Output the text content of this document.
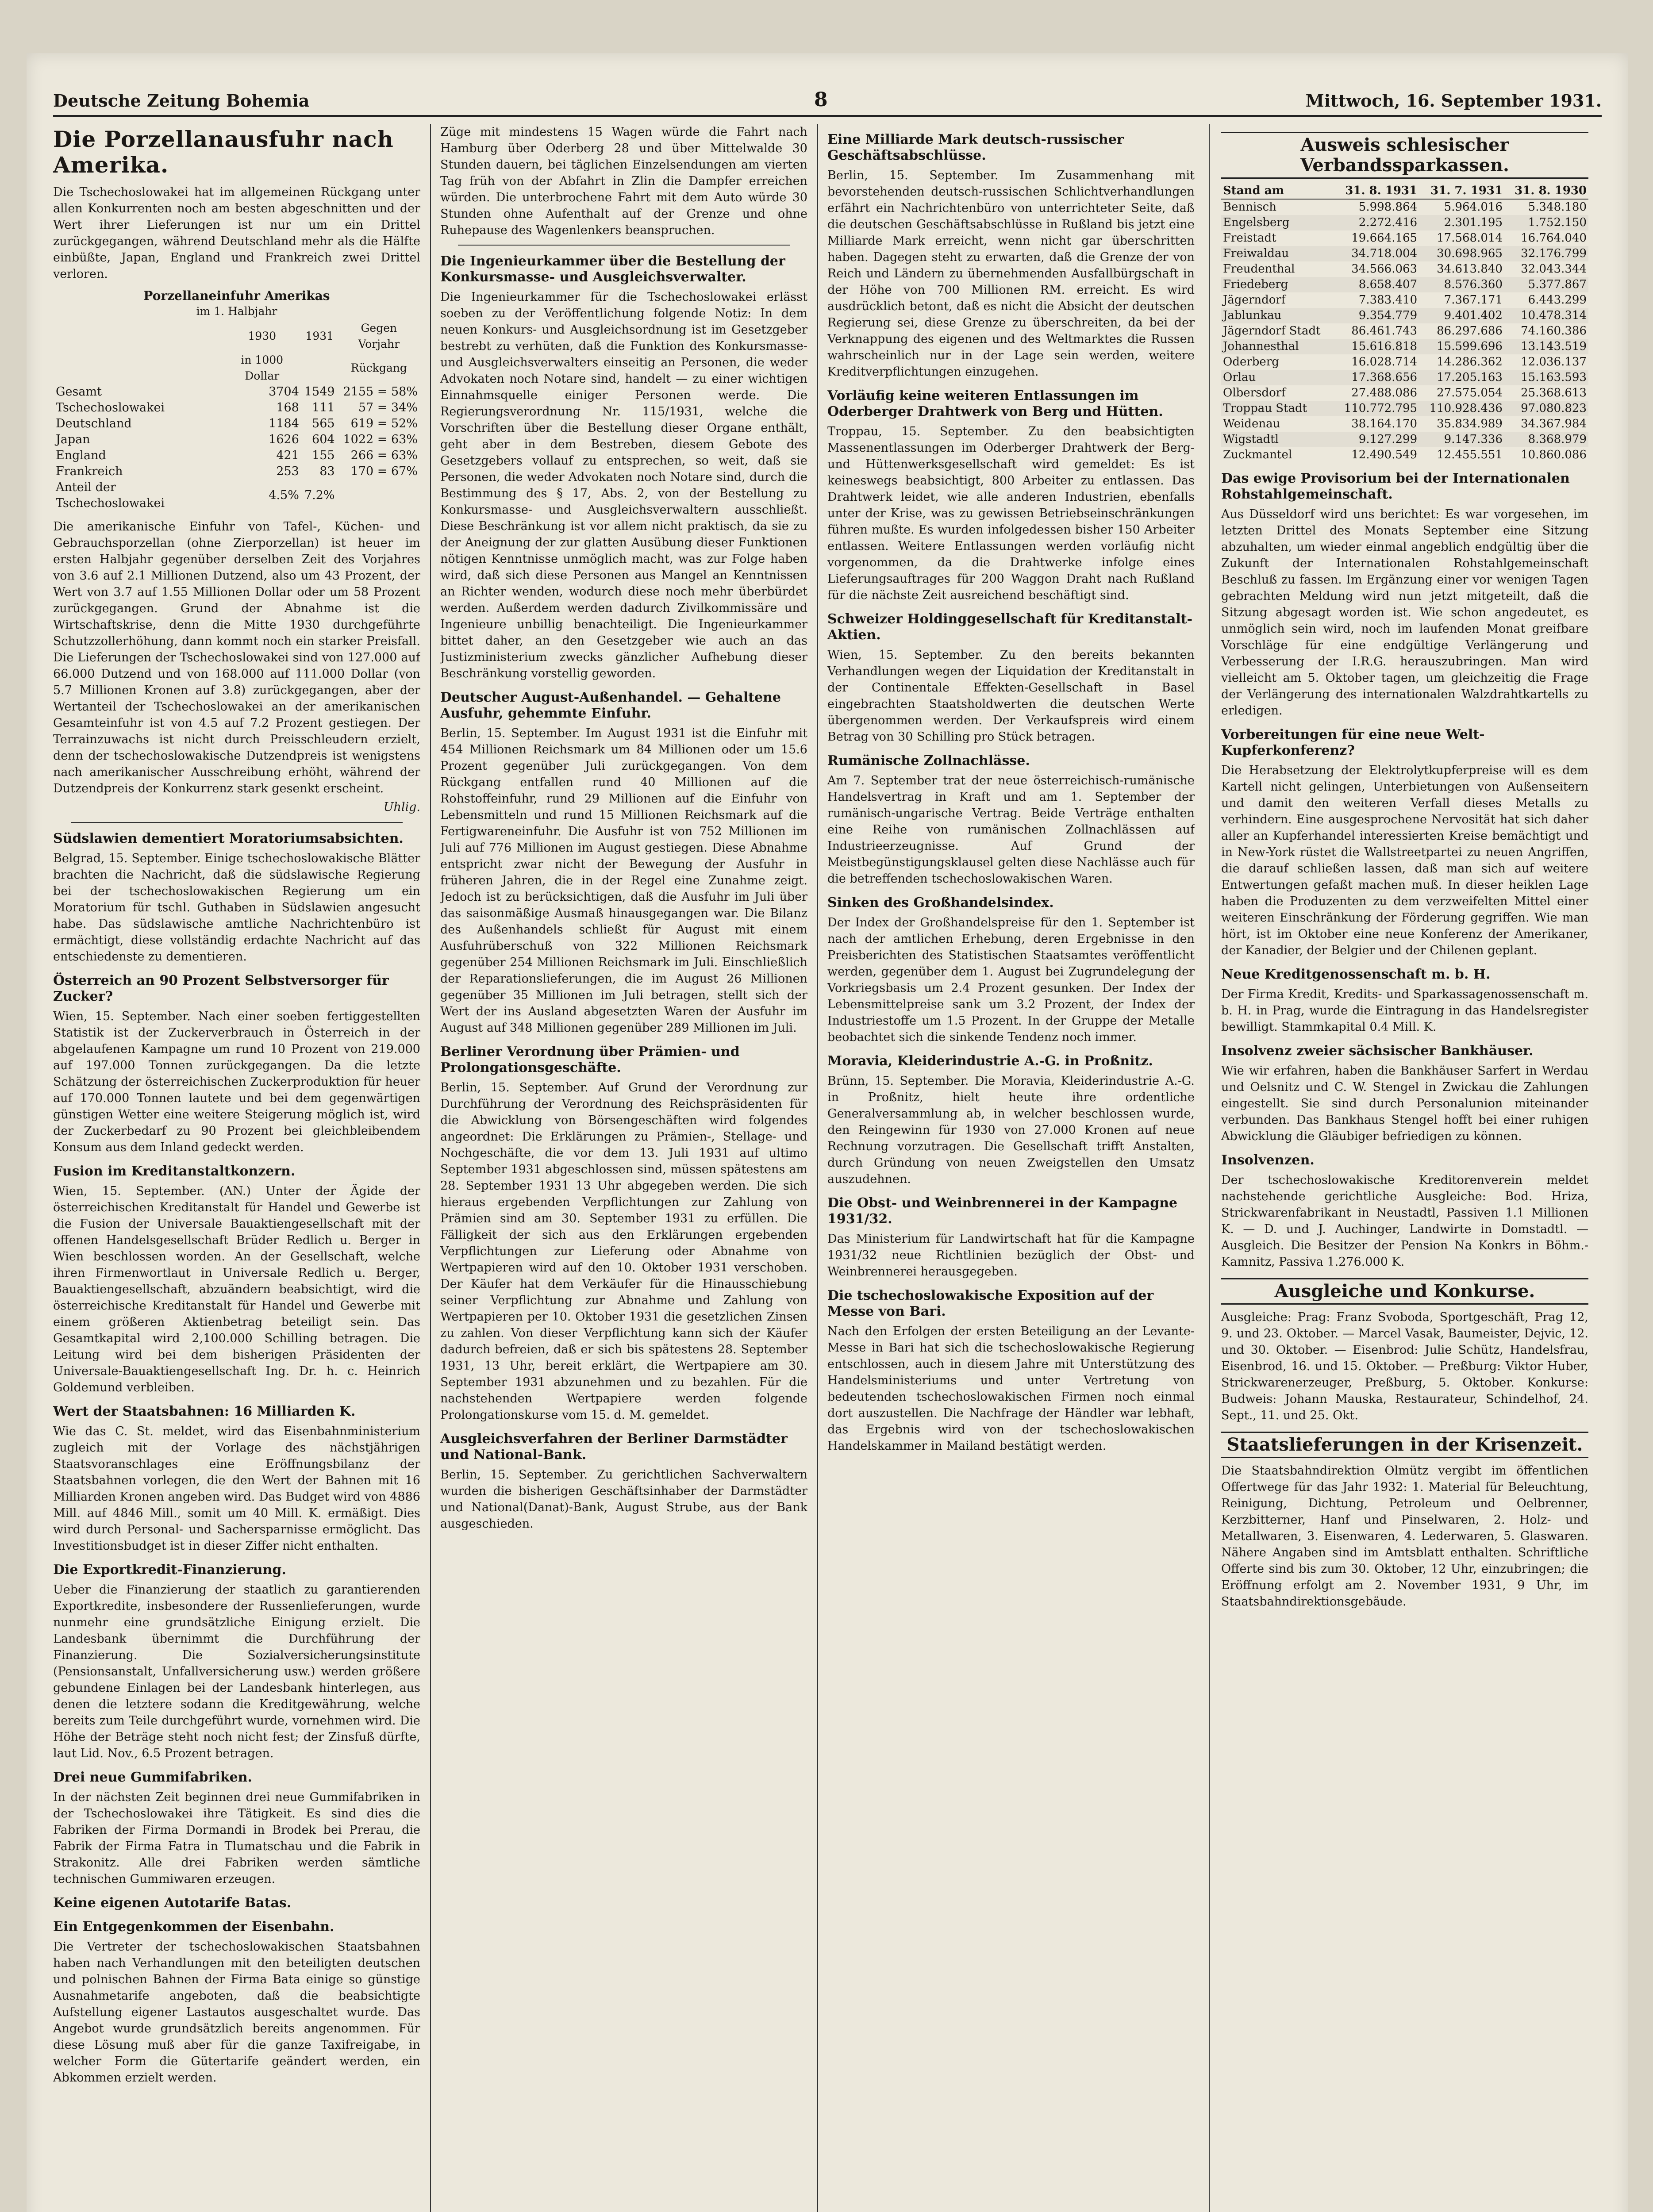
Deutsche Zeitung Bohemia	8	Mittwoch, 16. September 1931.
Die Porzellanausfuhr nach Amerika.

Die Tschechoslowakei hat im allgemeinen Rückgang unter allen Konkurrenten noch am besten abgeschnitten und der Wert ihrer Lieferungen ist nur um ein Drittel zurückgegangen, während Deutschland mehr als die Hälfte einbüßte, Japan, England und Frankreich zwei Drittel verloren.

Porzellaneinfuhr Amerikas
im 1. Halbjahr
	1930	1931	Gegen Vorjahr
	in 1000 Dollar		Rückgang
Gesamt	3704	1549	2155 = 58%
Tschechoslowakei	168	111	57 = 34%
Deutschland	1184	565	619 = 52%
Japan	1626	604	1022 = 63%
England	421	155	266 = 63%
Frankreich	253	83	170 = 67%
Anteil der Tschechoslowakei	4.5%	7.2%	

Die amerikanische Einfuhr von Tafel-, Küchen- und Gebrauchsporzellan (ohne Zierporzellan) ist heuer im ersten Halbjahr gegenüber derselben Zeit des Vorjahres von 3.6 auf 2.1 Millionen Dutzend, also um 43 Prozent, der Wert von 3.7 auf 1.55 Millionen Dollar oder um 58 Prozent zurückgegangen. Grund der Abnahme ist die Wirtschaftskrise, denn die Mitte 1930 durchgeführte Schutzzollerhöhung, dann kommt noch ein starker Preisfall. Die Lieferungen der Tschechoslowakei sind von 127.000 auf 66.000 Dutzend und von 168.000 auf 111.000 Dollar (von 5.7 Millionen Kronen auf 3.8) zurückgegangen, aber der Wertanteil der Tschechoslowakei an der amerikanischen Gesamteinfuhr ist von 4.5 auf 7.2 Prozent gestiegen. Der Terrainzuwachs ist nicht durch Preisschleudern erzielt, denn der tschechoslowakische Dutzendpreis ist wenigstens nach amerikanischer Ausschreibung erhöht, während der Dutzendpreis der Konkurrenz stark gesenkt erscheint.

Uhlig.
Südslawien dementiert Moratoriumsabsichten.

Belgrad, 15. September. Einige tschechoslowakische Blätter brachten die Nachricht, daß die südslawische Regierung bei der tschechoslowakischen Regierung um ein Moratorium für tschl. Guthaben in Südslawien angesucht habe. Das südslawische amtliche Nachrichtenbüro ist ermächtigt, diese vollständig erdachte Nachricht auf das entschiedenste zu dementieren.

Österreich an 90 Prozent Selbstversorger für Zucker?

Wien, 15. September. Nach einer soeben fertiggestellten Statistik ist der Zuckerverbrauch in Österreich in der abgelaufenen Kampagne um rund 10 Prozent von 219.000 auf 197.000 Tonnen zurückgegangen. Da die letzte Schätzung der österreichischen Zuckerproduktion für heuer auf 170.000 Tonnen lautete und bei dem gegenwärtigen günstigen Wetter eine weitere Steigerung möglich ist, wird der Zuckerbedarf zu 90 Prozent bei gleichbleibendem Konsum aus dem Inland gedeckt werden.

Fusion im Kreditanstaltkonzern.

Wien, 15. September. (AN.) Unter der Ägide der österreichischen Kreditanstalt für Handel und Gewerbe ist die Fusion der Universale Bauaktiengesellschaft mit der offenen Handelsgesellschaft Brüder Redlich u. Berger in Wien beschlossen worden. An der Gesellschaft, welche ihren Firmenwortlaut in Universale Redlich u. Berger, Bauaktiengesellschaft, abzuändern beabsichtigt, wird die österreichische Kreditanstalt für Handel und Gewerbe mit einem größeren Aktienbetrag beteiligt sein. Das Gesamtkapital wird 2,100.000 Schilling betragen. Die Leitung wird bei dem bisherigen Präsidenten der Universale-Bauaktiengesellschaft Ing. Dr. h. c. Heinrich Goldemund verbleiben.

Wert der Staatsbahnen: 16 Milliarden K.

Wie das C. St. meldet, wird das Eisenbahnministerium zugleich mit der Vorlage des nächstjährigen Staatsvoranschlages eine Eröffnungsbilanz der Staatsbahnen vorlegen, die den Wert der Bahnen mit 16 Milliarden Kronen angeben wird. Das Budget wird von 4886 Mill. auf 4846 Mill., somit um 40 Mill. K. ermäßigt. Dies wird durch Personal- und Sachersparnisse ermöglicht. Das Investitionsbudget ist in dieser Ziffer nicht enthalten.

Die Exportkredit-Finanzierung.

Ueber die Finanzierung der staatlich zu garantierenden Exportkredite, insbesondere der Russenlieferungen, wurde nunmehr eine grundsätzliche Einigung erzielt. Die Landesbank übernimmt die Durchführung der Finanzierung. Die Sozialversicherungsinstitute (Pensionsanstalt, Unfallversicherung usw.) werden größere gebundene Einlagen bei der Landesbank hinterlegen, aus denen die letztere sodann die Kreditgewährung, welche bereits zum Teile durchgeführt wurde, vornehmen wird. Die Höhe der Beträge steht noch nicht fest; der Zinsfuß dürfte, laut Lid. Nov., 6.5 Prozent betragen.

Drei neue Gummifabriken.

In der nächsten Zeit beginnen drei neue Gummifabriken in der Tschechoslowakei ihre Tätigkeit. Es sind dies die Fabriken der Firma Dormandi in Brodek bei Prerau, die Fabrik der Firma Fatra in Tlumatschau und die Fabrik in Strakonitz. Alle drei Fabriken werden sämtliche technischen Gummiwaren erzeugen.

Keine eigenen Autotarife Batas.
Ein Entgegenkommen der Eisenbahn.

Die Vertreter der tschechoslowakischen Staatsbahnen haben nach Verhandlungen mit den beteiligten deutschen und polnischen Bahnen der Firma Bata einige so günstige Ausnahmetarife angeboten, daß die beabsichtigte Aufstellung eigener Lastautos ausgeschaltet wurde. Das Angebot wurde grundsätzlich bereits angenommen. Für diese Lösung muß aber für die ganze Taxifreigabe, in welcher Form die Gütertarife geändert werden, ein Abkommen erzielt werden.

Züge mit mindestens 15 Wagen würde die Fahrt nach Hamburg über Oderberg 28 und über Mittelwalde 30 Stunden dauern, bei täglichen Einzelsendungen am vierten Tag früh von der Abfahrt in Zlin die Dampfer erreichen würden. Die unterbrochene Fahrt mit dem Auto würde 30 Stunden ohne Aufenthalt auf der Grenze und ohne Ruhepause des Wagenlenkers beanspruchen.

Die Ingenieurkammer über die Bestellung der Konkursmasse- und Ausgleichsverwalter.

Die Ingenieurkammer für die Tschechoslowakei erlässt soeben zu der Veröffentlichung folgende Notiz: In dem neuen Konkurs- und Ausgleichsordnung ist im Gesetzgeber bestrebt zu verhüten, daß die Funktion des Konkursmasse- und Ausgleichsverwalters einseitig an Personen, die weder Advokaten noch Notare sind, handelt — zu einer wichtigen Einnahmsquelle einiger Personen werde. Die Regierungsverordnung Nr. 115/1931, welche die Vorschriften über die Bestellung dieser Organe enthält, geht aber in dem Bestreben, diesem Gebote des Gesetzgebers vollauf zu entsprechen, so weit, daß sie Personen, die weder Advokaten noch Notare sind, durch die Bestimmung des § 17, Abs. 2, von der Bestellung zu Konkursmasse- und Ausgleichsverwaltern ausschließt. Diese Beschränkung ist vor allem nicht praktisch, da sie zu der Aneignung der zur glatten Ausübung dieser Funktionen nötigen Kenntnisse unmöglich macht, was zur Folge haben wird, daß sich diese Personen aus Mangel an Kenntnissen an Richter wenden, wodurch diese noch mehr überbürdet werden. Außerdem werden dadurch Zivilkommissäre und Ingenieure unbillig benachteiligt. Die Ingenieurkammer bittet daher, an den Gesetzgeber wie auch an das Justizministerium zwecks gänzlicher Aufhebung dieser Beschränkung vorstellig geworden.

Deutscher August-Außenhandel. — Gehaltene Ausfuhr, gehemmte Einfuhr.

Berlin, 15. September. Im August 1931 ist die Einfuhr mit 454 Millionen Reichsmark um 84 Millionen oder um 15.6 Prozent gegenüber Juli zurückgegangen. Von dem Rückgang entfallen rund 40 Millionen auf die Rohstoffeinfuhr, rund 29 Millionen auf die Einfuhr von Lebensmitteln und rund 15 Millionen Reichsmark auf die Fertigwareneinfuhr. Die Ausfuhr ist von 752 Millionen im Juli auf 776 Millionen im August gestiegen. Diese Abnahme entspricht zwar nicht der Bewegung der Ausfuhr in früheren Jahren, die in der Regel eine Zunahme zeigt. Jedoch ist zu berücksichtigen, daß die Ausfuhr im Juli über das saisonmäßige Ausmaß hinausgegangen war. Die Bilanz des Außenhandels schließt für August mit einem Ausfuhrüberschuß von 322 Millionen Reichsmark gegenüber 254 Millionen Reichsmark im Juli. Einschließlich der Reparationslieferungen, die im August 26 Millionen gegenüber 35 Millionen im Juli betragen, stellt sich der Wert der ins Ausland abgesetzten Waren der Ausfuhr im August auf 348 Millionen gegenüber 289 Millionen im Juli.

Berliner Verordnung über Prämien- und Prolongationsgeschäfte.

Berlin, 15. September. Auf Grund der Verordnung zur Durchführung der Verordnung des Reichspräsidenten für die Abwicklung von Börsengeschäften wird folgendes angeordnet: Die Erklärungen zu Prämien-, Stellage- und Nochgeschäfte, die vor dem 13. Juli 1931 auf ultimo September 1931 abgeschlossen sind, müssen spätestens am 28. September 1931 13 Uhr abgegeben werden. Die sich hieraus ergebenden Verpflichtungen zur Zahlung von Prämien sind am 30. September 1931 zu erfüllen. Die Fälligkeit der sich aus den Erklärungen ergebenden Verpflichtungen zur Lieferung oder Abnahme von Wertpapieren wird auf den 10. Oktober 1931 verschoben. Der Käufer hat dem Verkäufer für die Hinausschiebung seiner Verpflichtung zur Abnahme und Zahlung von Wertpapieren per 10. Oktober 1931 die gesetzlichen Zinsen zu zahlen. Von dieser Verpflichtung kann sich der Käufer dadurch befreien, daß er sich bis spätestens 28. September 1931, 13 Uhr, bereit erklärt, die Wertpapiere am 30. September 1931 abzunehmen und zu bezahlen. Für die nachstehenden Wertpapiere werden folgende Prolongationskurse vom 15. d. M. gemeldet.

Ausgleichsverfahren der Berliner Darmstädter und National-Bank.

Berlin, 15. September. Zu gerichtlichen Sachverwaltern wurden die bisherigen Geschäftsinhaber der Darmstädter und National(Danat)-Bank, August Strube, aus der Bank ausgeschieden.

Eine Milliarde Mark deutsch-russischer Geschäftsabschlüsse.

Berlin, 15. September. Im Zusammenhang mit bevorstehenden deutsch-russischen Schlichtverhandlungen erfährt ein Nachrichtenbüro von unterrichteter Seite, daß die deutschen Geschäftsabschlüsse in Rußland bis jetzt eine Milliarde Mark erreicht, wenn nicht gar überschritten haben. Dagegen steht zu erwarten, daß die Grenze der von Reich und Ländern zu übernehmenden Ausfallbürgschaft in der Höhe von 700 Millionen RM. erreicht. Es wird ausdrücklich betont, daß es nicht die Absicht der deutschen Regierung sei, diese Grenze zu überschreiten, da bei der Verknappung des eigenen und des Weltmarktes die Russen wahrscheinlich nur in der Lage sein werden, weitere Kreditverpflichtungen einzugehen.

Vorläufig keine weiteren Entlassungen im Oderberger Drahtwerk von Berg und Hütten.

Troppau, 15. September. Zu den beabsichtigten Massenentlassungen im Oderberger Drahtwerk der Berg- und Hüttenwerksgesellschaft wird gemeldet: Es ist keineswegs beabsichtigt, 800 Arbeiter zu entlassen. Das Drahtwerk leidet, wie alle anderen Industrien, ebenfalls unter der Krise, was zu gewissen Betriebseinschränkungen führen mußte. Es wurden infolgedessen bisher 150 Arbeiter entlassen. Weitere Entlassungen werden vorläufig nicht vorgenommen, da die Drahtwerke infolge eines Lieferungsauftrages für 200 Waggon Draht nach Rußland für die nächste Zeit ausreichend beschäftigt sind.

Schweizer Holdinggesellschaft für Kreditanstalt-Aktien.

Wien, 15. September. Zu den bereits bekannten Verhandlungen wegen der Liquidation der Kreditanstalt in der Continentale Effekten-Gesellschaft in Basel eingebrachten Staatsholdwerten die deutschen Werte übergenommen werden. Der Verkaufspreis wird einem Betrag von 30 Schilling pro Stück betragen.

Rumänische Zollnachlässe.

Am 7. September trat der neue österreichisch-rumänische Handelsvertrag in Kraft und am 1. September der rumänisch-ungarische Vertrag. Beide Verträge enthalten eine Reihe von rumänischen Zollnachlässen auf Industrieerzeugnisse. Auf Grund der Meistbegünstigungsklausel gelten diese Nachlässe auch für die betreffenden tschechoslowakischen Waren.

Sinken des Großhandelsindex.

Der Index der Großhandelspreise für den 1. September ist nach der amtlichen Erhebung, deren Ergebnisse in den Preisberichten des Statistischen Staatsamtes veröffentlicht werden, gegenüber dem 1. August bei Zugrundelegung der Vorkriegsbasis um 2.4 Prozent gesunken. Der Index der Lebensmittelpreise sank um 3.2 Prozent, der Index der Industriestoffe um 1.5 Prozent. In der Gruppe der Metalle beobachtet sich die sinkende Tendenz noch immer.

Moravia, Kleiderindustrie A.-G. in Proßnitz.

Brünn, 15. September. Die Moravia, Kleiderindustrie A.-G. in Proßnitz, hielt heute ihre ordentliche Generalversammlung ab, in welcher beschlossen wurde, den Reingewinn für 1930 von 27.000 Kronen auf neue Rechnung vorzutragen. Die Gesellschaft trifft Anstalten, durch Gründung von neuen Zweigstellen den Umsatz auszudehnen.

Die Obst- und Weinbrennerei in der Kampagne 1931/32.

Das Ministerium für Landwirtschaft hat für die Kampagne 1931/32 neue Richtlinien bezüglich der Obst- und Weinbrennerei herausgegeben.

Die tschechoslowakische Exposition auf der Messe von Bari.

Nach den Erfolgen der ersten Beteiligung an der Levante-Messe in Bari hat sich die tschechoslowakische Regierung entschlossen, auch in diesem Jahre mit Unterstützung des Handelsministeriums und unter Vertretung von bedeutenden tschechoslowakischen Firmen noch einmal dort auszustellen. Die Nachfrage der Händler war lebhaft, das Ergebnis wird von der tschechoslowakischen Handelskammer in Mailand bestätigt werden.

Ausweis schlesischer Verbandssparkassen.
Stand am	31. 8. 1931	31. 7. 1931	31. 8. 1930
Bennisch	5.998.864	5.964.016	5.348.180
Engelsberg	2.272.416	2.301.195	1.752.150
Freistadt	19.664.165	17.568.014	16.764.040
Freiwaldau	34.718.004	30.698.965	32.176.799
Freudenthal	34.566.063	34.613.840	32.043.344
Friedeberg	8.658.407	8.576.360	5.377.867
Jägerndorf	7.383.410	7.367.171	6.443.299
Jablunkau	9.354.779	9.401.402	10.478.314
Jägerndorf Stadt	86.461.743	86.297.686	74.160.386
Johannesthal	15.616.818	15.599.696	13.143.519
Oderberg	16.028.714	14.286.362	12.036.137
Orlau	17.368.656	17.205.163	15.163.593
Olbersdorf	27.488.086	27.575.054	25.368.613
Troppau Stadt	110.772.795	110.928.436	97.080.823
Weidenau	38.164.170	35.834.989	34.367.984
Wigstadtl	9.127.299	9.147.336	8.368.979
Zuckmantel	12.490.549	12.455.551	10.860.086
Das ewige Provisorium bei der Internationalen Rohstahlgemeinschaft.

Aus Düsseldorf wird uns berichtet: Es war vorgesehen, im letzten Drittel des Monats September eine Sitzung abzuhalten, um wieder einmal angeblich endgültig über die Zukunft der Internationalen Rohstahlgemeinschaft Beschluß zu fassen. Im Ergänzung einer vor wenigen Tagen gebrachten Meldung wird nun jetzt mitgeteilt, daß die Sitzung abgesagt worden ist. Wie schon angedeutet, es unmöglich sein wird, noch im laufenden Monat greifbare Vorschläge für eine endgültige Verlängerung und Verbesserung der I.R.G. herauszubringen. Man wird vielleicht am 5. Oktober tagen, um gleichzeitig die Frage der Verlängerung des internationalen Walzdrahtkartells zu erledigen.

Vorbereitungen für eine neue Welt-Kupferkonferenz?

Die Herabsetzung der Elektrolytkupferpreise will es dem Kartell nicht gelingen, Unterbietungen von Außenseitern und damit den weiteren Verfall dieses Metalls zu verhindern. Eine ausgesprochene Nervosität hat sich daher aller an Kupferhandel interessierten Kreise bemächtigt und in New-York rüstet die Wallstreetpartei zu neuen Angriffen, die darauf schließen lassen, daß man sich auf weitere Entwertungen gefaßt machen muß. In dieser heiklen Lage haben die Produzenten zu dem verzweifelten Mittel einer weiteren Einschränkung der Förderung gegriffen. Wie man hört, ist im Oktober eine neue Konferenz der Amerikaner, der Kanadier, der Belgier und der Chilenen geplant.

Neue Kreditgenossenschaft m. b. H.

Der Firma Kredit, Kredits- und Sparkassagenossenschaft m. b. H. in Prag, wurde die Eintragung in das Handelsregister bewilligt. Stammkapital 0.4 Mill. K.

Insolvenz zweier sächsischer Bankhäuser.

Wie wir erfahren, haben die Bankhäuser Sarfert in Werdau und Oelsnitz und C. W. Stengel in Zwickau die Zahlungen eingestellt. Sie sind durch Personalunion miteinander verbunden. Das Bankhaus Stengel hofft bei einer ruhigen Abwicklung die Gläubiger befriedigen zu können.

Insolvenzen.

Der tschechoslowakische Kreditorenverein meldet nachstehende gerichtliche Ausgleiche: Bod. Hriza, Strickwarenfabrikant in Neustadtl, Passiven 1.1 Millionen K. — D. und J. Auchinger, Landwirte in Domstadtl. — Ausgleich. Die Besitzer der Pension Na Konkrs in Böhm.-Kamnitz, Passiva 1.276.000 K.

Ausgleiche und Konkurse.

Ausgleiche: Prag: Franz Svoboda, Sportgeschäft, Prag 12, 9. und 23. Oktober. — Marcel Vasak, Baumeister, Dejvic, 12. und 30. Oktober. — Eisenbrod: Julie Schütz, Handelsfrau, Eisenbrod, 16. und 15. Oktober. — Preßburg: Viktor Huber, Strickwarenerzeuger, Preßburg, 5. Oktober. Konkurse: Budweis: Johann Mauska, Restaurateur, Schindelhof, 24. Sept., 11. und 25. Okt.

Staatslieferungen in der Krisenzeit.

Die Staatsbahndirektion Olmütz vergibt im öffentlichen Offertwege für das Jahr 1932: 1. Material für Beleuchtung, Reinigung, Dichtung, Petroleum und Oelbrenner, Kerzbitterner, Hanf und Pinselwaren, 2. Holz- und Metallwaren, 3. Eisenwaren, 4. Lederwaren, 5. Glaswaren. Nähere Angaben sind im Amtsblatt enthalten. Schriftliche Offerte sind bis zum 30. Oktober, 12 Uhr, einzubringen; die Eröffnung erfolgt am 2. November 1931, 9 Uhr, im Staatsbahndirektionsgebäude.
